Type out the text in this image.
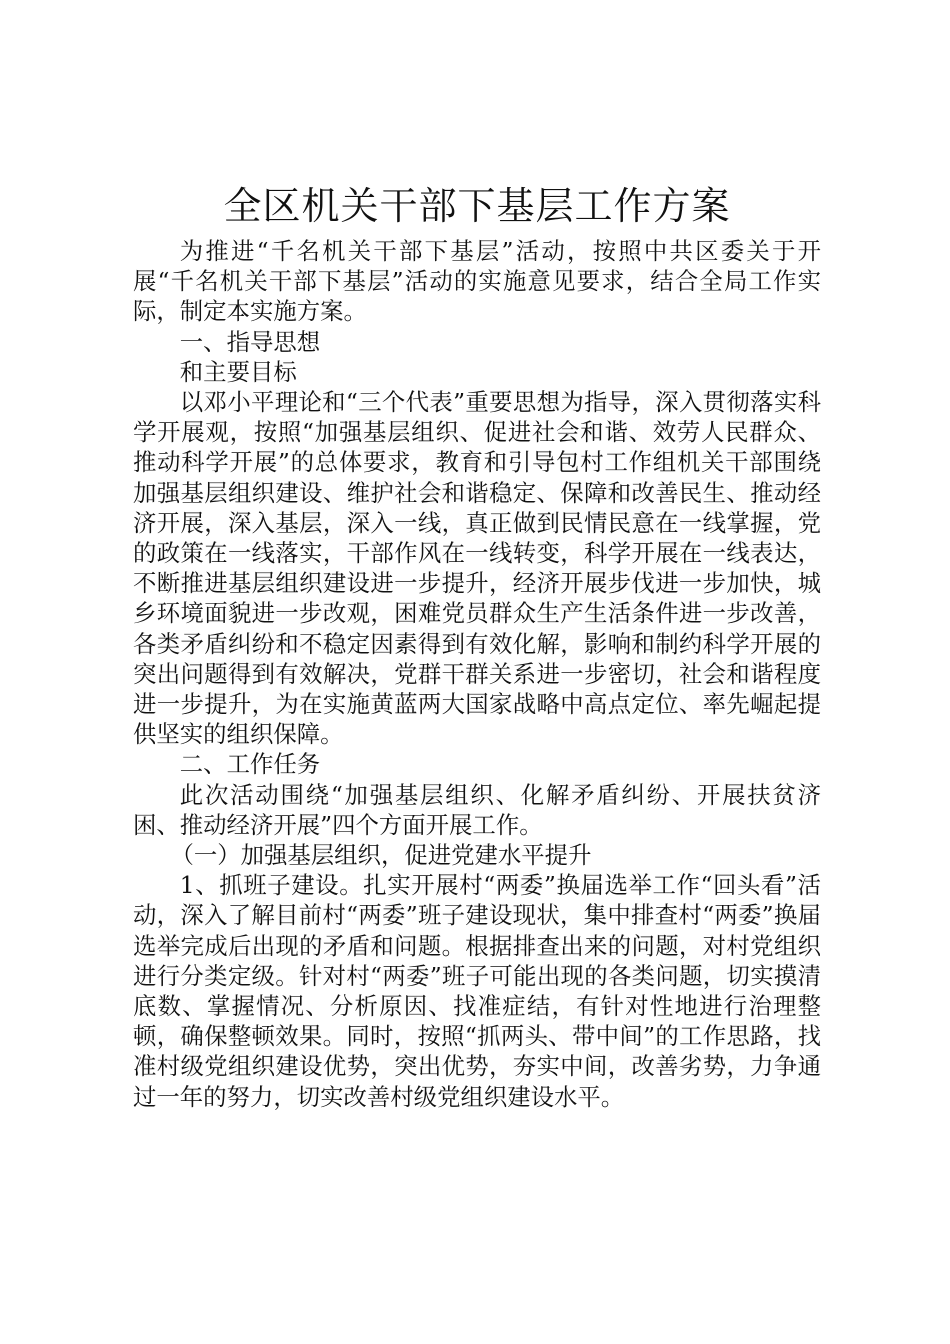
全区机关干部下基层工作方案

为推进“千名机关干部下基层”活动，按照中共区委关于开展“千名机关干部下基层”活动的实施意见要求，结合全局工作实际，制定本实施方案。

一、指导思想

和主要目标

以邓小平理论和“三个代表”重要思想为指导，深入贯彻落实科学开展观，按照“加强基层组织、促进社会和谐、效劳人民群众、推动科学开展”的总体要求，教育和引导包村工作组机关干部围绕加强基层组织建设、维护社会和谐稳定、保障和改善民生、推动经济开展，深入基层，深入一线，真正做到民情民意在一线掌握，党的政策在一线落实，干部作风在一线转变，科学开展在一线表达，不断推进基层组织建设进一步提升，经济开展步伐进一步加快，城乡环境面貌进一步改观，困难党员群众生产生活条件进一步改善，各类矛盾纠纷和不稳定因素得到有效化解，影响和制约科学开展的突出问题得到有效解决，党群干群关系进一步密切，社会和谐程度进一步提升，为在实施黄蓝两大国家战略中高点定位、率先崛起提供坚实的组织保障。

二、工作任务

此次活动围绕“加强基层组织、化解矛盾纠纷、开展扶贫济困、推动经济开展”四个方面开展工作。

（一）加强基层组织，促进党建水平提升

1、抓班子建设。扎实开展村“两委”换届选举工作“回头看”活动，深入了解目前村“两委”班子建设现状，集中排查村“两委”换届选举完成后出现的矛盾和问题。根据排查出来的问题，对村党组织进行分类定级。针对村“两委”班子可能出现的各类问题，切实摸清底数、掌握情况、分析原因、找准症结，有针对性地进行治理整顿，确保整顿效果。同时，按照“抓两头、带中间”的工作思路，找准村级党组织建设优势，突出优势，夯实中间，改善劣势，力争通过一年的努力，切实改善村级党组织建设水平。
